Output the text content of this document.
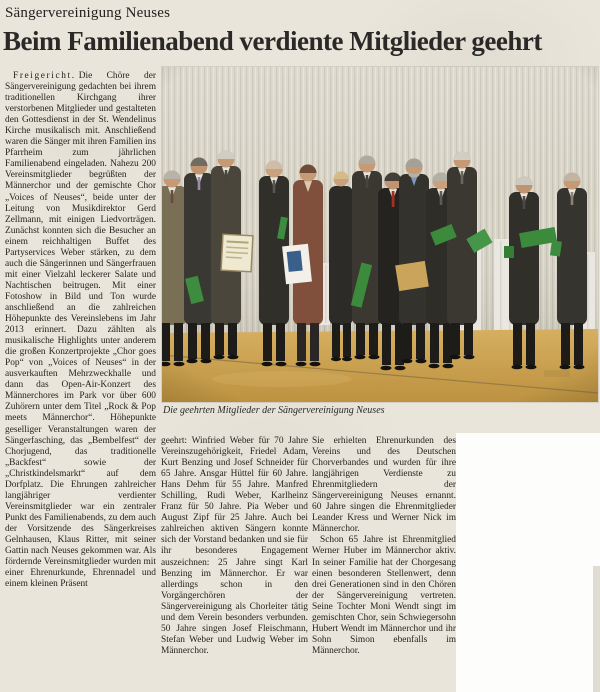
Sängervereinigung Neuses
Beim Familienabend verdiente Mitglieder geehrt
Die geehrten Mitglieder der Sängervereinigung Neuses

Freigericht. Die Chöre der Sängervereinigung gedachten bei ihrem traditionellen Kirchgang ihrer verstorbenen Mitglieder und gestalteten den Gottesdienst in der St. Wendelinus Kirche musikalisch mit. Anschließend waren die Sänger mit ihren Familien ins Pfarrheim zum jährlichen Familienabend eingeladen. Nahezu 200 Vereinsmitglieder begrüßten der Männerchor und der gemischte Chor „Voices of Neuses“, beide unter der Leitung von Musikdirektor Gerd Zellmann, mit einigen Liedvorträgen. Zunächst konnten sich die Besucher an einem reichhaltigen Buffet des Partyservices Weber stärken, zu dem auch die Sängerinnen und Sängerfrauen mit einer Vielzahl leckerer Salate und Nachtischen beitrugen. Mit einer Fotoshow in Bild und Ton wurde anschließend an die zahlreichen Höhepunkte des Vereinslebens im Jahr 2013 erinnert. Dazu zählten als musikalische Highlights unter anderem die großen Konzertprojekte „Chor goes Pop“ von „Voices of Neuses“ in der ausverkauften Mehrzweckhalle und dann das Open-Air-Konzert des Männerchores im Park vor über 600 Zuhörern unter dem Titel „Rock & Pop meets Männerchor“. Höhepunkte geselliger Veranstaltungen waren der Sängerfasching, das „Bembelfest“ der Chorjugend, das traditionelle „Backfest“ sowie der „Christkindelsmarkt“ auf dem Dorfplatz. Die Ehrungen zahlreicher langjähriger verdienter Vereinsmitglieder war ein zentraler Punkt des Familienabends, zu dem auch der Vorsitzende des Sängerkreises Gelnhausen, Klaus Ritter, mit seiner Gattin nach Neuses gekommen war. Als fördernde Vereinsmitglieder wurden mit einer Ehrenurkunde, Ehrennadel und einem kleinen Präsent

geehrt: Winfried Weber für 70 Jahre Vereinszugehörigkeit, Friedel Adam, Kurt Benzing und Josef Schneider für 65 Jahre. Ansgar Hüttel für 60 Jahre. Hans Dehm für 55 Jahre. Manfred Schilling, Rudi Weber, Karlheinz Franz für 50 Jahre. Pia Weber und August Zipf für 25 Jahre. Auch bei zahlreichen aktiven Sängern konnte sich der Vorstand bedanken und sie für ihr besonderes Engagement auszeichnen: 25 Jahre singt Karl Benzing im Männerchor. Er war allerdings schon in den Vorgängerchören der Sängervereinigung als Chorleiter tätig und dem Verein besonders verbunden. 50 Jahre singen Josef Fleischmann, Stefan Weber und Ludwig Weber im Männerchor.

Sie erhielten Ehrenurkunden des Vereins und des Deutschen Chorverbandes und wurden für ihre langjährigen Verdienste zu Ehrenmitgliedern der Sängervereinigung Neuses ernannt. 60 Jahre singen die Ehrenmitglieder Leander Kress und Werner Nick im Männerchor.

Schon 65 Jahre ist Ehrenmitglied Werner Huber im Männerchor aktiv. In seiner Familie hat der Chorgesang einen besonderen Stellenwert, denn drei Generationen sind in den Chören der Sängervereinigung vertreten. Seine Tochter Moni Wendt singt im gemischten Chor, sein Schwiegersohn Hubert Wendt im Männerchor und ihr Sohn Simon ebenfalls im Männerchor.
